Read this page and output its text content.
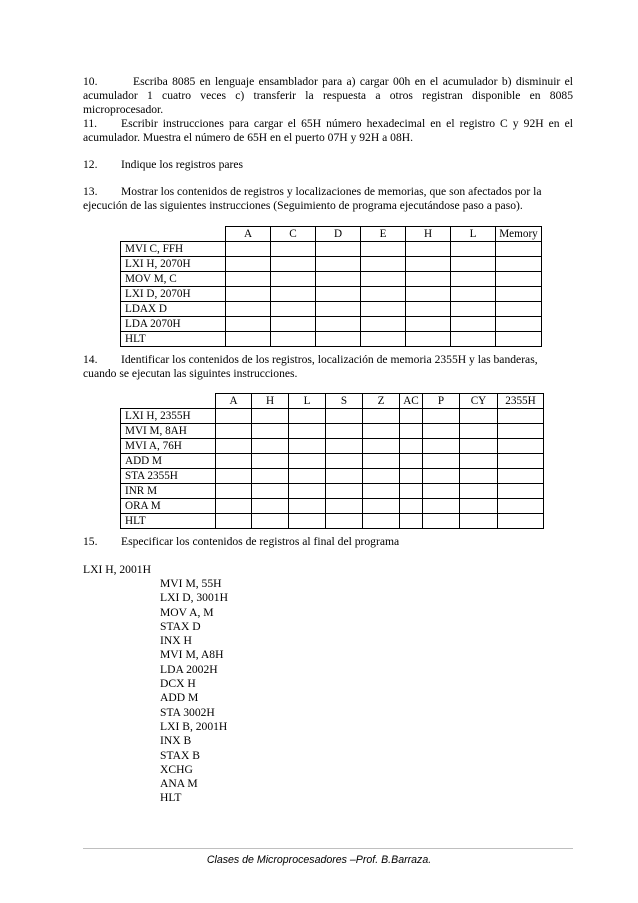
10.	Escriba 8085 en lenguaje ensamblador para a) cargar 00h en el acumulador b) disminuir el acumulador 1 cuatro veces c) transferir la respuesta a otros registran disponible en 8085 microprocesador.
11. Escribir instrucciones para cargar el 65H número hexadecimal en el registro C y 92H en el acumulador. Muestra el número de 65H en el puerto 07H y 92H a 08H.
12. Indique los registros pares
13. Mostrar los contenidos de registros y localizaciones de memorias, que son afectados por la ejecución de las siguientes instrucciones (Seguimiento de programa ejecutándose paso a paso).
	A	C	D	E	H	L	Memory
MVI C, FFH							
LXI H, 2070H							
MOV M, C							
LXI D, 2070H							
LDAX D							
LDA 2070H							
HLT							
14. Identificar los contenidos de los registros, localización de memoria 2355H y las banderas, cuando se ejecutan las siguintes instrucciones.
	A	H	L	S	Z	AC	P	CY	2355H
LXI H, 2355H									
MVI M, 8AH									
MVI A, 76H									
ADD M									
STA 2355H									
INR M									
ORA M									
HLT									
15. Especificar los contenidos de registros al final del programa
LXI H, 2001H
MVI M, 55H
LXI D, 3001H
MOV A, M
STAX D
INX H
MVI M, A8H
LDA 2002H
DCX H
ADD M
STA 3002H
LXI B, 2001H
INX B
STAX B
XCHG
ANA M
HLT
Clases de Microprocesadores –Prof. B.Barraza.
